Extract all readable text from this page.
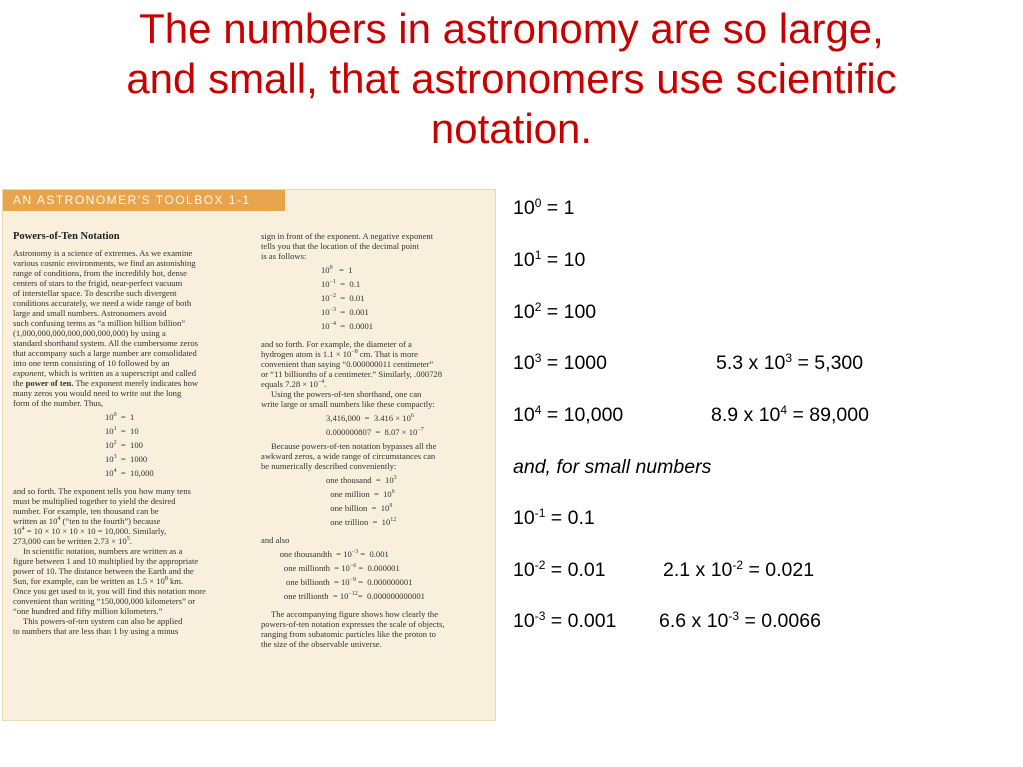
The numbers in astronomy are so large,
and small, that astronomers use scientific
notation.
AN ASTRONOMER'S TOOLBOX 1-1
Powers-of-Ten Notation
Astronomy is a science of extremes. As we examine
various cosmic environments, we find an astonishing
range of conditions, from the incredibly hot, dense
centers of stars to the frigid, near-perfect vacuum
of interstellar space. To describe such divergent
conditions accurately, we need a wide range of both
large and small numbers. Astronomers avoid
such confusing terms as “a million billion billion”
(1,000,000,000,000,000,000,000) by using a
standard shorthand system. All the cumbersome zeros
that accompany such a large number are consolidated
into one term consisting of 10 followed by an
exponent, which is written as a superscript and called
the power of ten. The exponent merely indicates how
many zeros you would need to write out the long
form of the number. Thus,
$10^0 = 1$
$10^1 = 10$
$10^2 = 100$
$10^3 = 1000$
$10^4 = 10,000$
and so forth. The exponent tells you how many tens
must be multiplied together to yield the desired
number. For example, ten thousand can be
written as $10^4$ (“ten to the fourth”) because
$10^4 = 10 \times 10 \times 10 \times 10 = 10,000$. Similarly,
273,000 can be written $2.73 \times 10^5$.
In scientific notation, numbers are written as a
figure between 1 and 10 multiplied by the appropriate
power of 10. The distance between the Earth and the
Sun, for example, can be written as $1.5 \times 10^8$ km.
Once you get used to it, you will find this notation more
convenient than writing “150,000,000 kilometers” or
“one hundred and fifty million kilometers.”
This powers-of-ten system can also be applied
to numbers that are less than 1 by using a minus
sign in front of the exponent. A negative exponent
tells you that the location of the decimal point
is as follows:
$10^0 = 1$
$10^{-1} = 0.1$
$10^{-2} = 0.01$
$10^{-3} = 0.001$
$10^{-4} = 0.0001$
and so forth. For example, the diameter of a
hydrogen atom is $1.1 \times 10^{-8}$ cm. That is more
convenient than saying “0.000000011 centimeter”
or “11 billionths of a centimeter.” Similarly, .000728
equals $7.28 \times 10^{-4}$.
Using the powers-of-ten shorthand, one can
write large or small numbers like these compactly:
$3,416,000 = 3.416 \times 10^6$
$0.000000807 = 8.07 \times 10^{-7}$
Because powers-of-ten notation bypasses all the
awkward zeros, a wide range of circumstances can
be numerically described conveniently:
one thousand  =  $10^3$
one million  =  $10^6$
one billion  =  $10^9$
one trillion  =  $10^{12}$
and also
one thousandth  = $10^{-3} = 0.001$
one millionth  = $10^{-6} = 0.000001$
one billionth  = $10^{-9} = 0.000000001$
one trillionth  = $10^{-12}= 0.000000000001$
The accompanying figure shows how clearly the
powers-of-ten notation expresses the scale of objects,
ranging from subatomic particles like the proton to
the size of the observable universe.
$10^0 = 1$
$10^1 = 10$
$10^2 = 100$
$10^3 = 1000$	5.3 x $10^3 = 5,300$
$10^4 = 10,000$	8.9 x $10^4 = 89,000$
and, for small numbers
$10^{-1} = 0.1$
$10^{-2} = 0.01$	2.1 x $10^{-2} = 0.021$
$10^{-3} = 0.001$ 6.6 x $10^{-3} = 0.0066$
